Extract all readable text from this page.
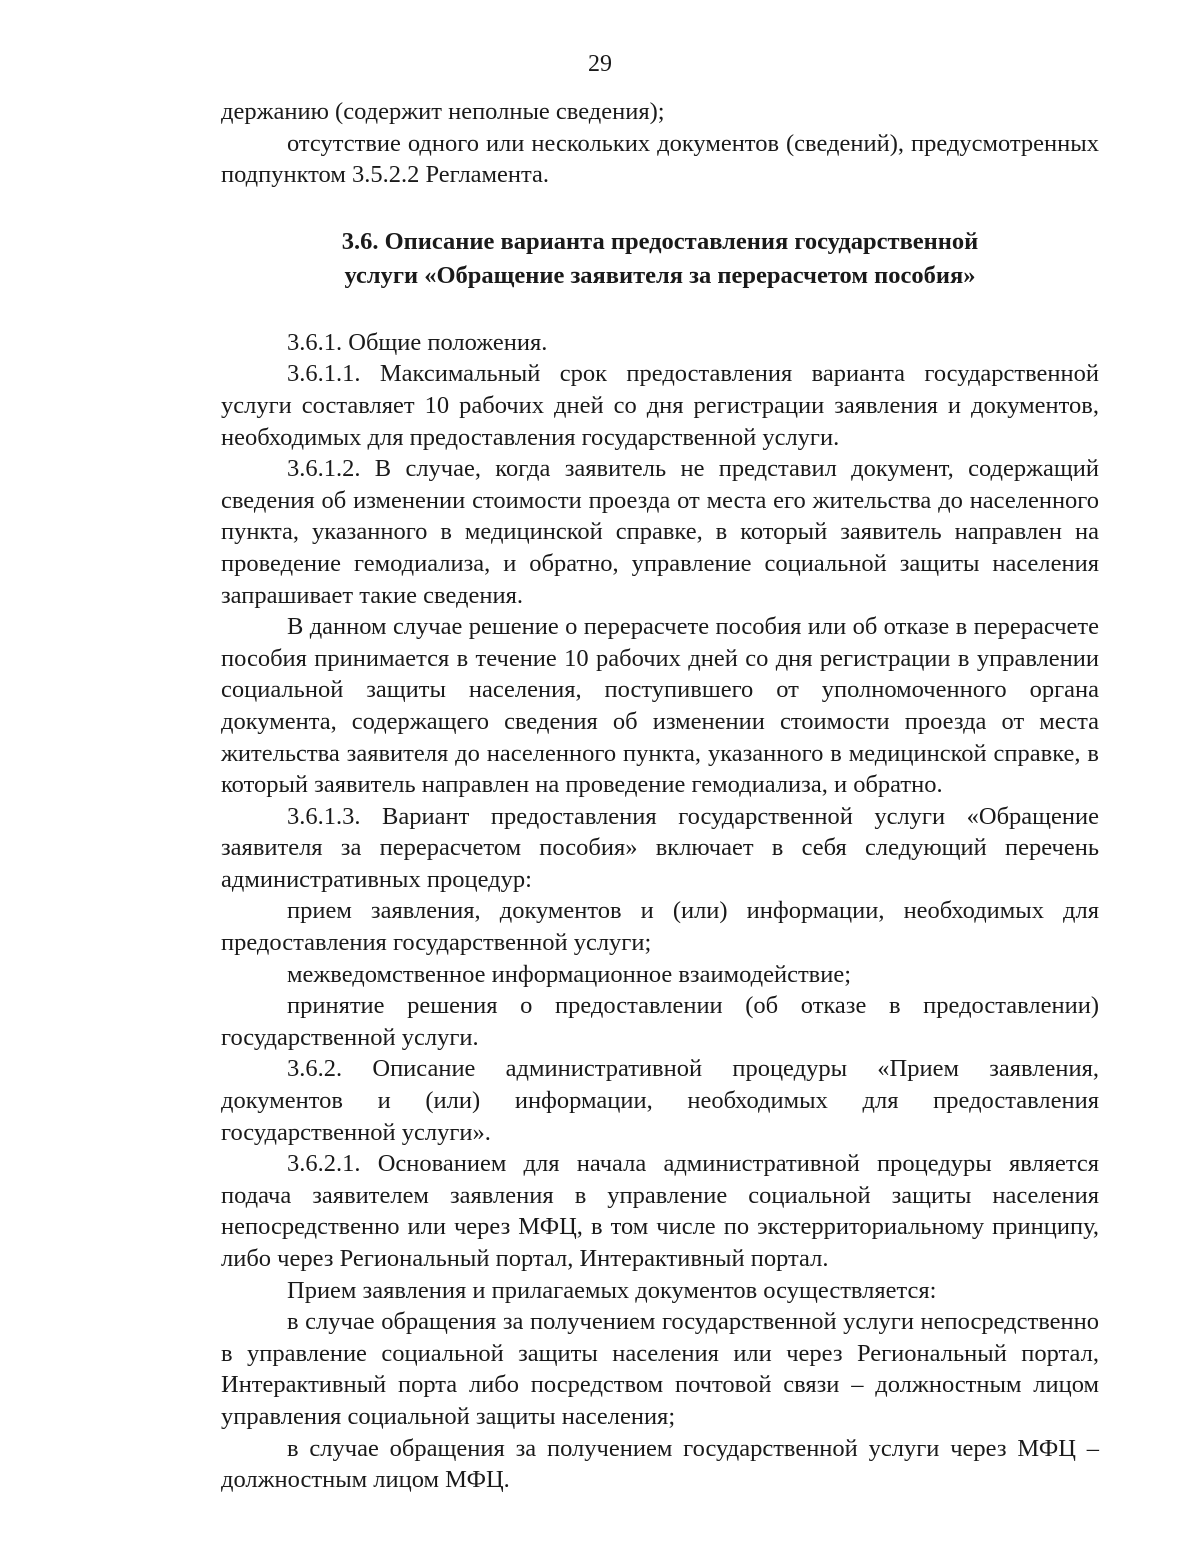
29

держанию (содержит неполные сведения);

отсутствие одного или нескольких документов (сведений), предусмотренных подпунктом 3.5.2.2 Регламента.

3.6. Описание варианта предоставления государственной
услуги «Обращение заявителя за перерасчетом пособия»

3.6.1. Общие положения.

3.6.1.1. Максимальный срок предоставления варианта государственной услуги составляет 10 рабочих дней со дня регистрации заявления и документов, необходимых для предоставления государственной услуги.

3.6.1.2. В случае, когда заявитель не представил документ, содержащий сведения об изменении стоимости проезда от места его жительства до населенного пункта, указанного в медицинской справке, в который заявитель направлен на проведение гемодиализа, и обратно, управление социальной защиты населения запрашивает такие сведения.

В данном случае решение о перерасчете пособия или об отказе в перерасчете пособия принимается в течение 10 рабочих дней со дня регистрации в управлении социальной защиты населения, поступившего от уполномоченного органа документа, содержащего сведения об изменении стоимости проезда от места жительства заявителя до населенного пункта, указанного в медицинской справке, в который заявитель направлен на проведение гемодиализа, и обратно.

3.6.1.3. Вариант предоставления государственной услуги «Обращение заявителя за перерасчетом пособия» включает в себя следующий перечень административных процедур:

прием заявления, документов и (или) информации, необходимых для предоставления государственной услуги;

межведомственное информационное взаимодействие;

принятие решения о предоставлении (об отказе в предоставлении) государственной услуги.

3.6.2. Описание административной процедуры «Прием заявления, документов и (или) информации, необходимых для предоставления государственной услуги».

3.6.2.1. Основанием для начала административной процедуры является подача заявителем заявления в управление социальной защиты населения непосредственно или через МФЦ, в том числе по экстерриториальному принципу, либо через Региональный портал, Интерактивный портал.

Прием заявления и прилагаемых документов осуществляется:

в случае обращения за получением государственной услуги непосредственно в управление социальной защиты населения или через Региональный портал, Интерактивный порта либо посредством почтовой связи – должностным лицом управления социальной защиты населения;

в случае обращения за получением государственной услуги через МФЦ – должностным лицом МФЦ.
